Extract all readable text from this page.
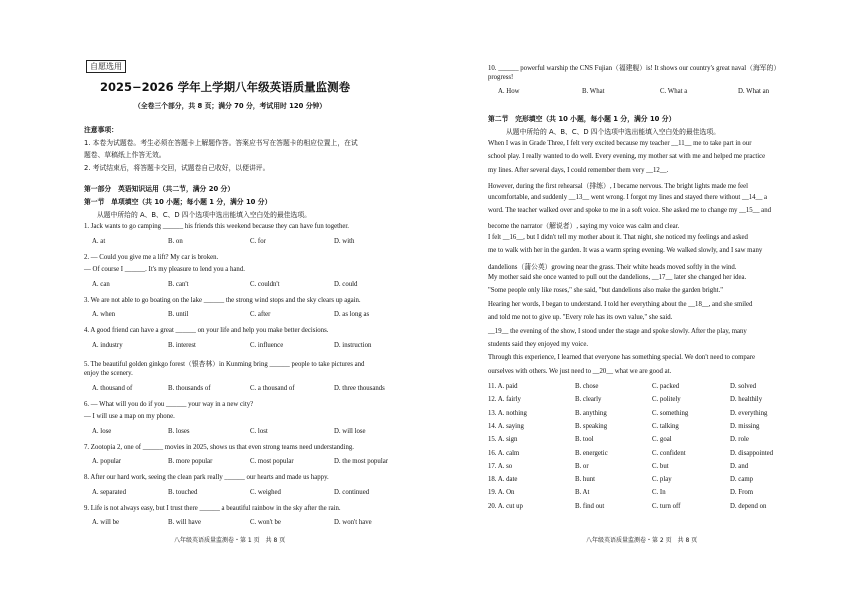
自愿选用
2025−2026 学年上学期八年级英语质量监测卷
（全卷三个部分，共 8 页；满分 70 分，考试用时 120 分钟）
注意事项：
1. 本卷为试题卷。考生必须在答题卡上解题作答。答案应书写在答题卡的相应位置上，在试
题卷、草稿纸上作答无效。
2. 考试结束后，将答题卡交回，试题卷自己收好，以便讲评。
第一部分　英语知识运用（共二节，满分 20 分）
第一节　单项填空（共 10 小题；每小题 1 分，满分 10 分）
从题中所给的 A、B、C、D 四个选项中选出能填入空白处的最佳选项。
1. Jack wants to go camping ______ his friends this weekend because they can have fun together.
A. at	B. on	C. for	D. with
2. — Could you give me a lift? My car is broken.
— Of course I ______. It's my pleasure to lend you a hand.
A. can	B. can't	C. couldn't	D. could
3. We are not able to go boating on the lake ______ the strong wind stops and the sky clears up again.
A. when	B. until	C. after	D. as long as
4. A good friend can have a great ______ on your life and help you make better decisions.
A. industry	B. interest	C. influence	D. instruction
5. The beautiful golden ginkgo forest（银杏林）in Kunming bring ______ people to take pictures and
enjoy the scenery.
A. thousand of	B. thousands of	C. a thousand of	D. three thousands
6. — What will you do if you ______ your way in a new city?
— I will use a map on my phone.
A. lose	B. loses	C. lost	D. will lose
7. Zootopia 2, one of ______ movies in 2025, shows us that even strong teams need understanding.
A. popular	B. more popular	C. most popular	D. the most popular
8. After our hard work, seeing the clean park really ______ our hearts and made us happy.
A. separated	B. touched	C. weighed	D. continued
9. Life is not always easy, but I trust there ______ a beautiful rainbow in the sky after the rain.
A. will be	B. will have	C. won't be	D. won't have
八年级英语质量监测卷・第 1 页　共 8 页
10. ______ powerful warship the CNS Fujian（福建舰）is! It shows our country's great naval（海军的）
progress!
A. How	B. What	C. What a	D. What an
第二节　完形填空（共 10 小题，每小题 1 分，满分 10 分）
从题中所给的 A、B、C、D 四个选项中选出能填入空白处的最佳选项。
When I was in Grade Three, I felt very excited because my teacher __11__ me to take part in our
school play. I really wanted to do well. Every evening, my mother sat with me and helped me practice
my lines. After several days, I could remember them very __12__.
However, during the first rehearsal（排练）, I became nervous. The bright lights made me feel
uncomfortable, and suddenly __13__ went wrong. I forgot my lines and stayed there without __14__ a
word. The teacher walked over and spoke to me in a soft voice. She asked me to change my __15__ and
become the narrator（解说者）, saying my voice was calm and clear.
I felt __16__, but I didn't tell my mother about it. That night, she noticed my feelings and asked
me to walk with her in the garden. It was a warm spring evening. We walked slowly, and I saw many
dandelions（蒲公英）growing near the grass. Their white heads moved softly in the wind.
My mother said she once wanted to pull out the dandelions, __17__ later she changed her idea.
"Some people only like roses," she said, "but dandelions also make the garden bright."
Hearing her words, I began to understand. I told her everything about the __18__, and she smiled
and told me not to give up. "Every role has its own value," she said.
__19__ the evening of the show, I stood under the stage and spoke slowly. After the play, many
students said they enjoyed my voice.
Through this experience, I learned that everyone has something special. We don't need to compare
ourselves with others. We just need to __20__ what we are good at.
11. A. paid	B. chose	C. packed	D. solved
12. A. fairly	B. clearly	C. politely	D. healthily
13. A. nothing	B. anything	C. something	D. everything
14. A. saying	B. speaking	C. talking	D. missing
15. A. sign	B. tool	C. goal	D. role
16. A. calm	B. energetic	C. confident	D. disappointed
17. A. so	B. or	C. but	D. and
18. A. date	B. hunt	C. play	D. camp
19. A. On	B. At	C. In	D. From
20. A. cut up	B. find out	C. turn off	D. depend on
八年级英语质量监测卷・第 2 页　共 8 页
